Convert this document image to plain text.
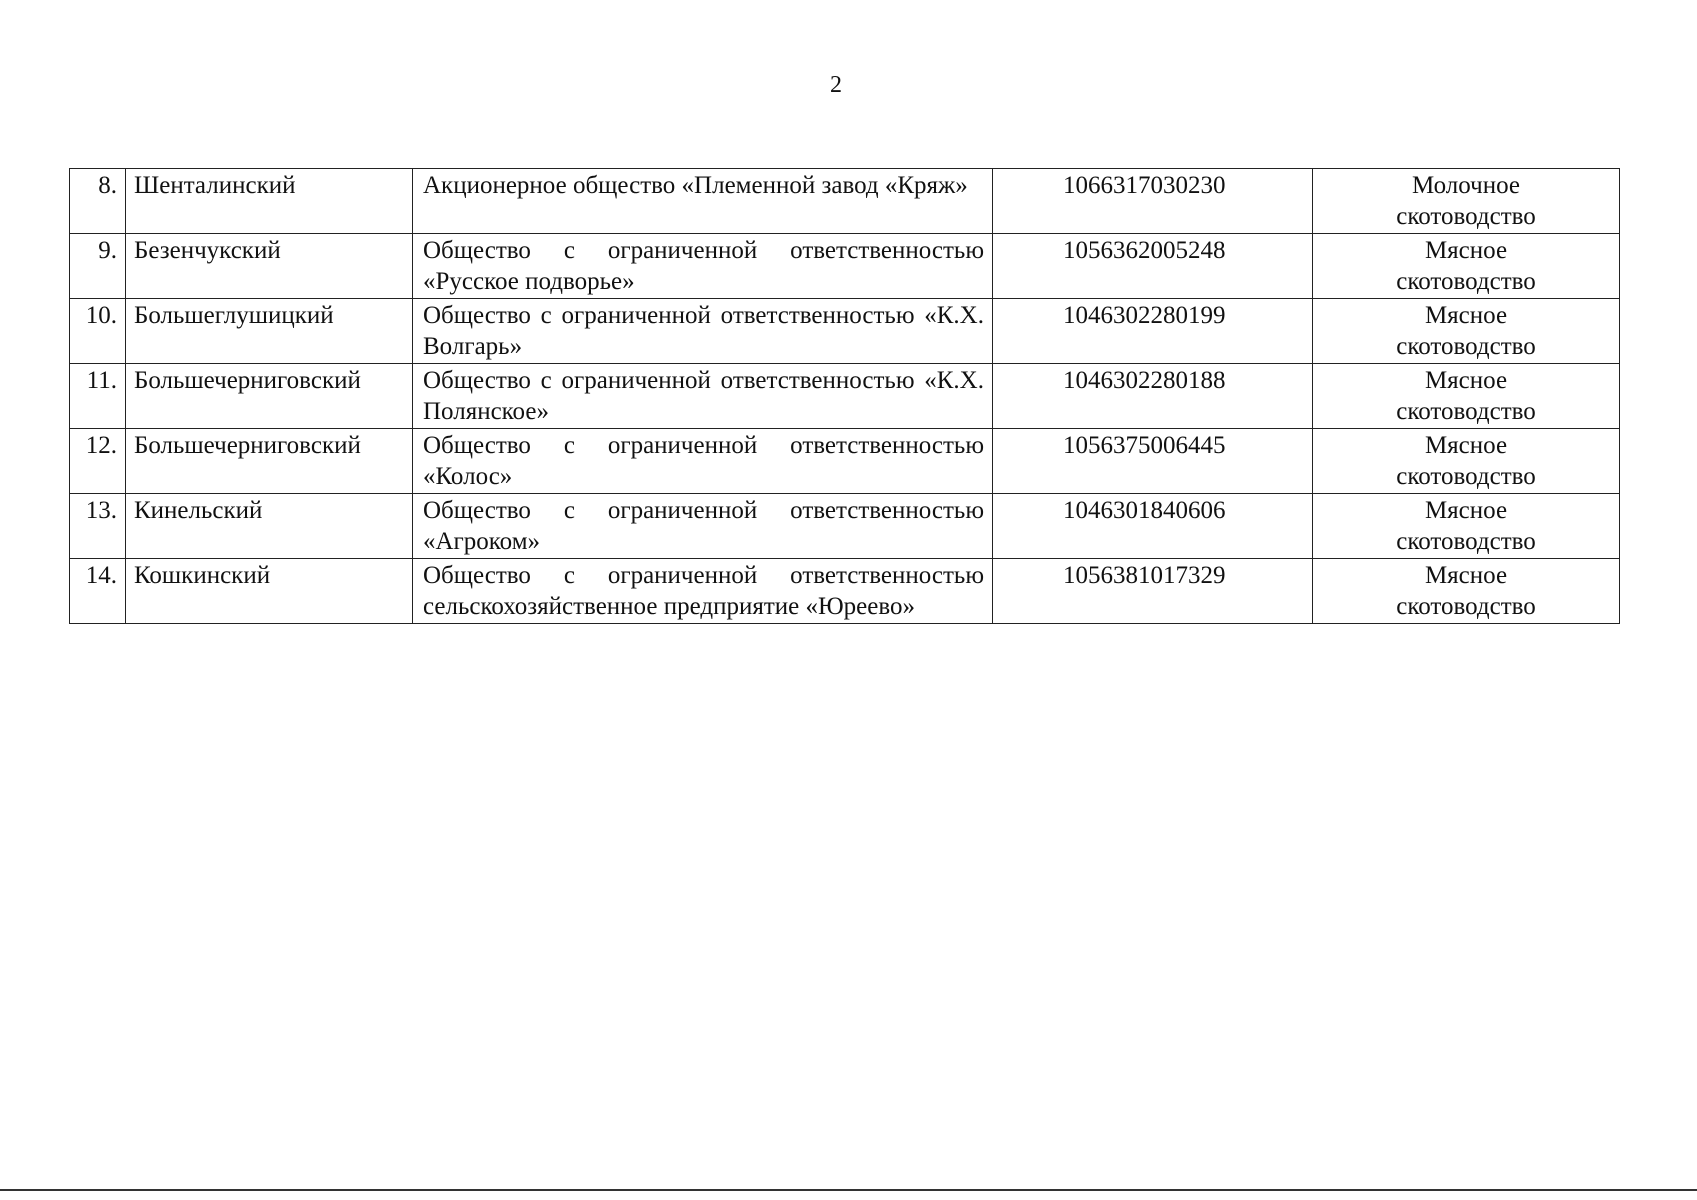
2
8.	Шенталинский	Акционерное общество «Племенной завод «Кряж»	1066317030230	Молочное
скотоводство

9.	Безенчукский	Общество с ограниченной ответственностью «Русское подворье»	1056362005248	Мясное
скотоводство

10.	Большеглушицкий	Общество с ограниченной ответственностью «К.Х. Волгарь»	1046302280199	Мясное
скотоводство

11.	Большечерниговский	Общество с ограниченной ответственностью «К.Х. Полянское»	1046302280188	Мясное
скотоводство

12.	Большечерниговский	Общество с ограниченной ответственностью «Колос»	1056375006445	Мясное
скотоводство

13.	Кинельский	Общество с ограниченной ответственностью «Агроком»	1046301840606	Мясное
скотоводство

14.	Кошкинский	Общество с ограниченной ответственностью сельскохозяйственное предприятие «Юреево»	1056381017329	Мясное
скотоводство
